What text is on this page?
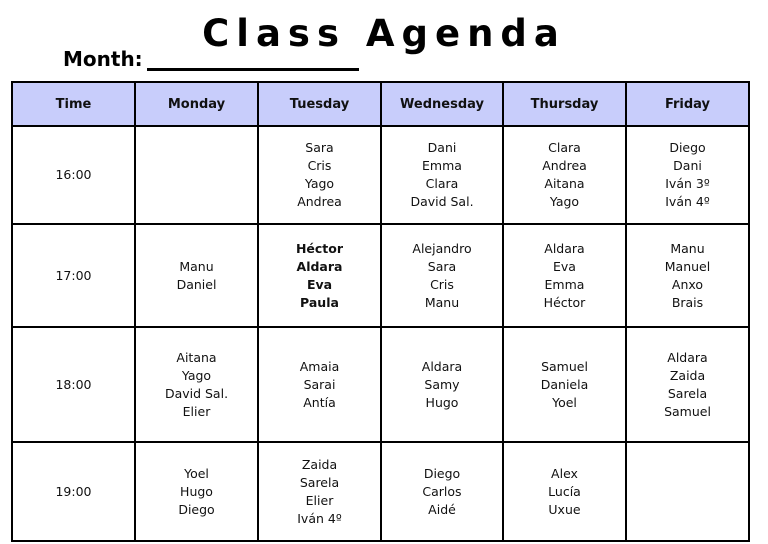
Class Agenda
Month:
Time	Monday	Tuesday	Wednesday	Thursday	Friday
16:00		Sara
Cris
Yago
Andrea	Dani
Emma
Clara
David Sal.	Clara
Andrea
Aitana
Yago	Diego
Dani
Iván 3º
Iván 4º

17:00	Manu
Daniel	Héctor
Aldara
Eva
Paula	Alejandro
Sara
Cris
Manu	Aldara
Eva
Emma
Héctor	Manu
Manuel
Anxo
Brais

18:00	Aitana
Yago
David Sal.
Elier	Amaia
Sarai
Antía	Aldara
Samy
Hugo	Samuel
Daniela
Yoel	Aldara
Zaida
Sarela
Samuel

19:00	Yoel
Hugo
Diego	Zaida
Sarela
Elier
Iván 4º	Diego
Carlos
Aidé	Alex
Lucía
Uxue	
